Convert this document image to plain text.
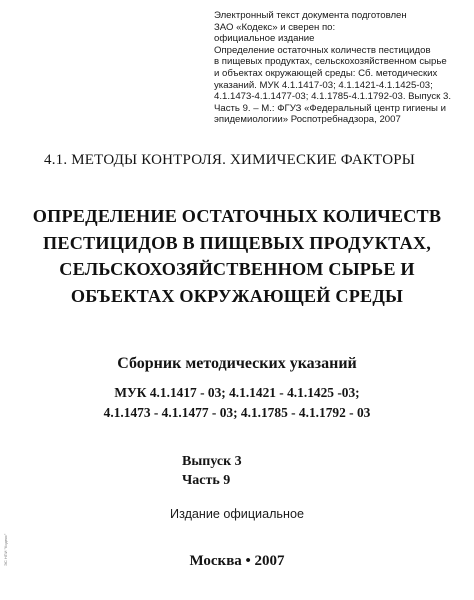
Электронный текст документа подготовлен
ЗАО «Кодекс» и сверен по:
официальное издание
Определение остаточных количеств пестицидов
в пищевых продуктах, сельскохозяйственном сырье
и объектах окружающей среды: Сб. методических
указаний. МУК 4.1.1417-03; 4.1.1421-4.1.1425-03;
4.1.1473-4.1.1477-03; 4.1.1785-4.1.1792-03. Выпуск 3.
Часть 9. – М.: ФГУЗ «Федеральный центр гигиены и
эпидемиологии» Роспотребнадзора, 2007
4.1. МЕТОДЫ КОНТРОЛЯ. ХИМИЧЕСКИЕ ФАКТОРЫ
ОПРЕДЕЛЕНИЕ ОСТАТОЧНЫХ КОЛИЧЕСТВ
ПЕСТИЦИДОВ В ПИЩЕВЫХ ПРОДУКТАХ,
СЕЛЬСКОХОЗЯЙСТВЕННОМ СЫРЬЕ И
ОБЪЕКТАХ ОКРУЖАЮЩЕЙ СРЕДЫ
Сборник методических указаний
МУК 4.1.1417 - 03; 4.1.1421 - 4.1.1425 -03;
4.1.1473 - 4.1.1477 - 03; 4.1.1785 - 4.1.1792 - 03
Выпуск 3
Часть 9
Издание официальное
Москва • 2007
ЭС НПИ "Кодекс"
